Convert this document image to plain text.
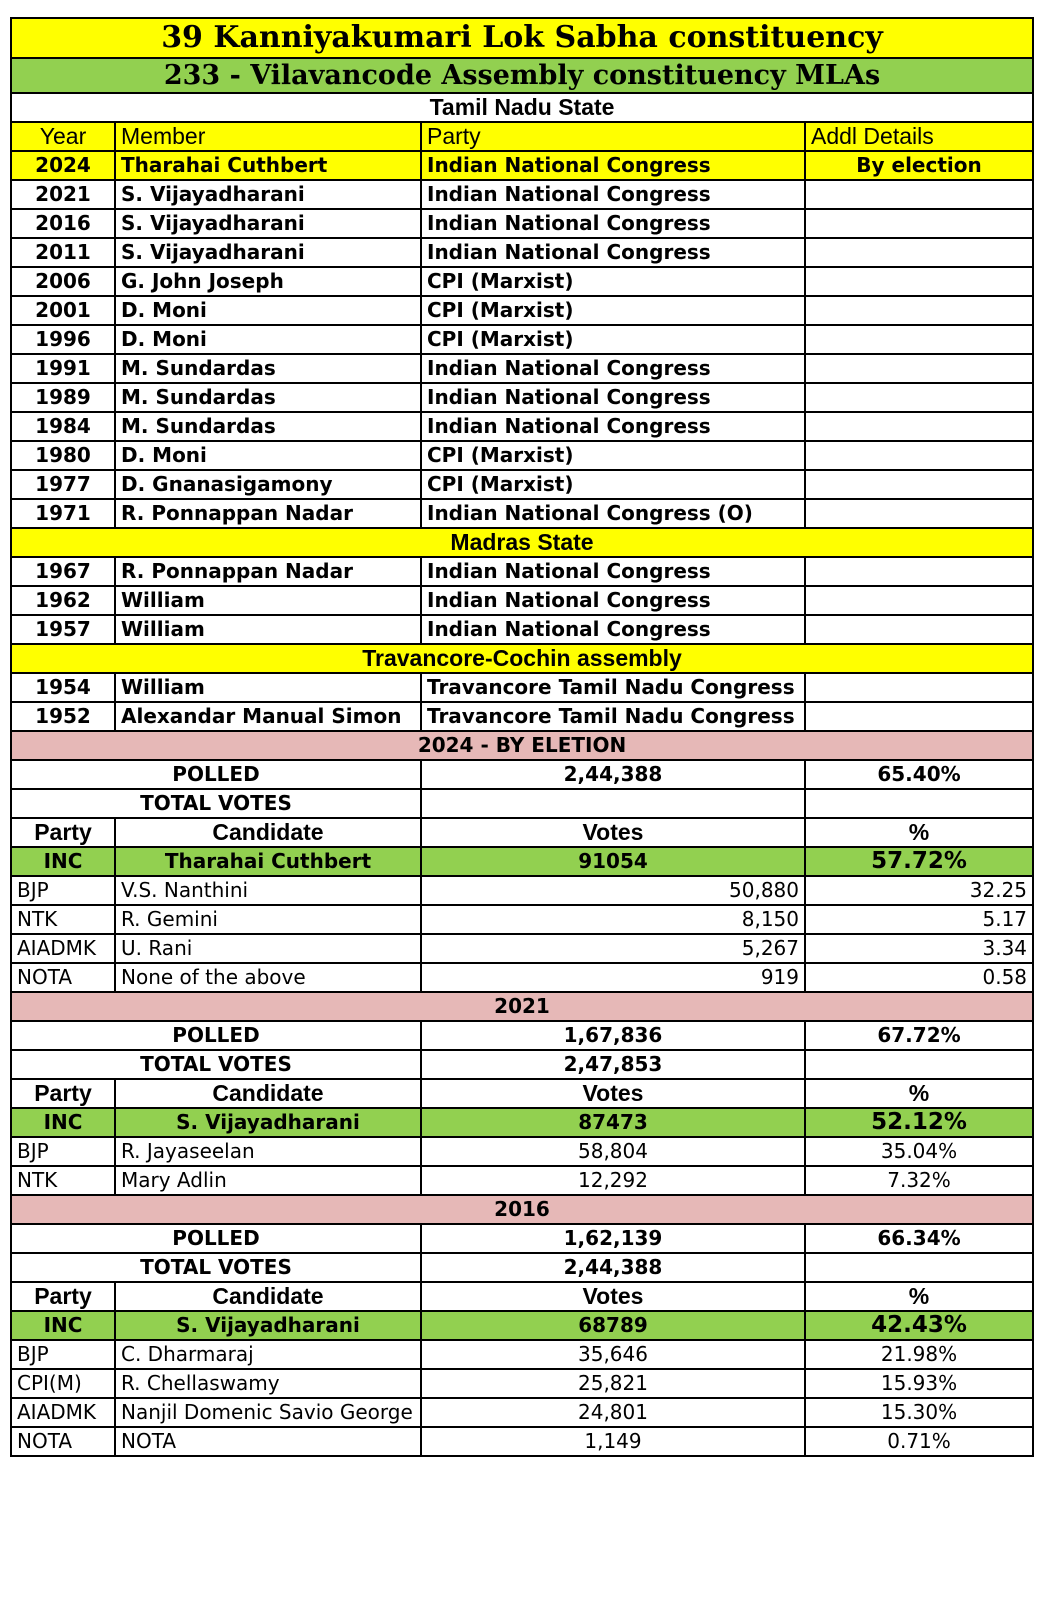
39 Kanniyakumari Lok Sabha constituency			
233 - Vilavancode Assembly constituency MLAs			
Tamil Nadu State			
Year	Member	Party	Addl Details
2024	Tharahai Cuthbert	Indian National Congress	By election
2021	S. Vijayadharani	Indian National Congress	
2016	S. Vijayadharani	Indian National Congress	
2011	S. Vijayadharani	Indian National Congress	
2006	G. John Joseph	CPI (Marxist)	
2001	D. Moni	CPI (Marxist)	
1996	D. Moni	CPI (Marxist)	
1991	M. Sundardas	Indian National Congress	
1989	M. Sundardas	Indian National Congress	
1984	M. Sundardas	Indian National Congress	
1980	D. Moni	CPI (Marxist)	
1977	D. Gnanasigamony	CPI (Marxist)	
1971	R. Ponnappan Nadar	Indian National Congress (O)	
Madras State			
1967	R. Ponnappan Nadar	Indian National Congress	
1962	William	Indian National Congress	
1957	William	Indian National Congress	
Travancore-Cochin assembly			
1954	William	Travancore Tamil Nadu Congress	
1952	Alexandar Manual Simon	Travancore Tamil Nadu Congress	
2024 - BY ELETION			
POLLED		2,44,388	65.40%
TOTAL VOTES			
Party	Candidate	Votes	%
INC	Tharahai Cuthbert	91054	57.72%
BJP	V.S. Nanthini	50,880	32.25
NTK	R. Gemini	8,150	5.17
AIADMK	U. Rani	5,267	3.34
NOTA	None of the above	919	0.58
2021			
POLLED		1,67,836	67.72%
TOTAL VOTES		2,47,853	
Party	Candidate	Votes	%
INC	S. Vijayadharani	87473	52.12%
BJP	R. Jayaseelan	58,804	35.04%
NTK	Mary Adlin	12,292	7.32%
2016			
POLLED		1,62,139	66.34%
TOTAL VOTES		2,44,388	
Party	Candidate	Votes	%
INC	S. Vijayadharani	68789	42.43%
BJP	C. Dharmaraj	35,646	21.98%
CPI(M)	R. Chellaswamy	25,821	15.93%
AIADMK	Nanjil Domenic Savio George	24,801	15.30%
NOTA	NOTA	1,149	0.71%
